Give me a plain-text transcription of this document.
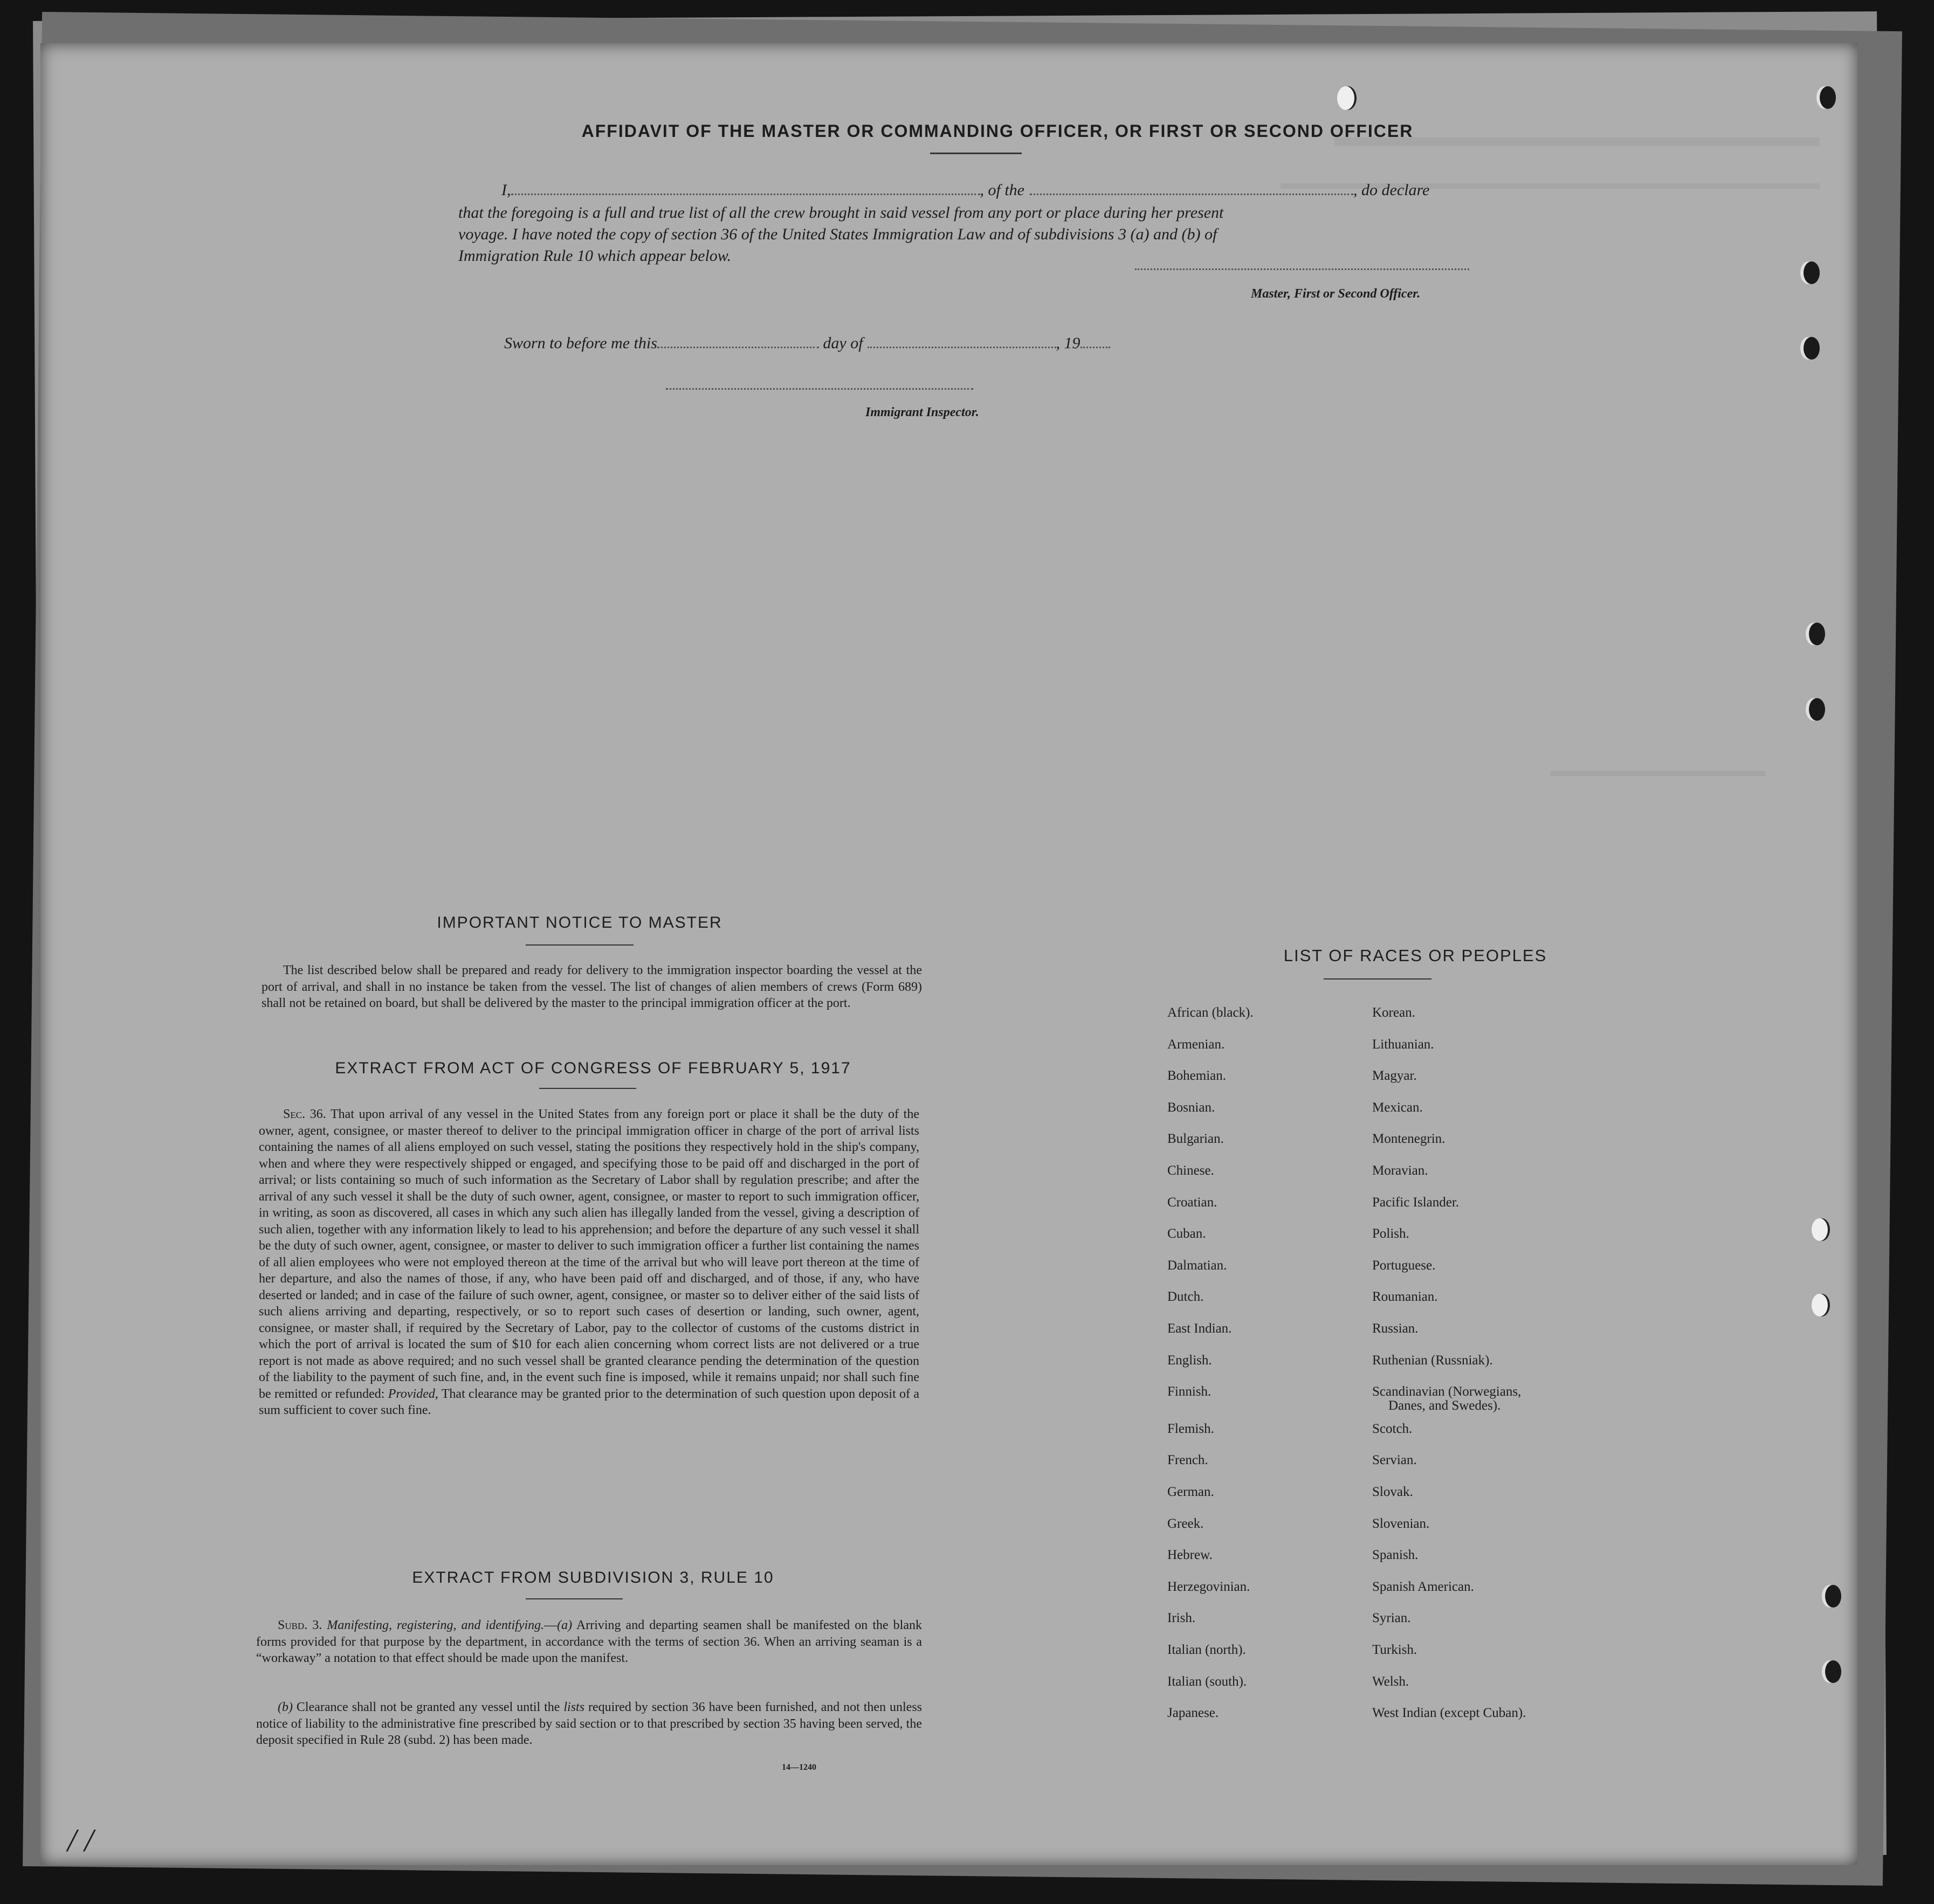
AFFIDAVIT OF THE MASTER OR COMMANDING OFFICER, OR FIRST OR SECOND OFFICER
I,	, of the	, do declare
that the foregoing is a full and true list of all the crew brought in said vessel from any port or place during her present
voyage. I have noted the copy of section 36 of the United States Immigration Law and of subdivisions 3 (a) and (b) of
Immigration Rule 10 which appear below.
Master, First or Second Officer.
Sworn to before me this	day of	, 19
Immigrant Inspector.
IMPORTANT NOTICE TO MASTER
The list described below shall be prepared and ready for delivery to the immigration inspector boarding the vessel at the port of arrival, and shall in no instance be taken from the vessel. The list of changes of alien members of crews (Form 689) shall not be retained on board, but shall be delivered by the master to the principal immigration officer at the port.
EXTRACT FROM ACT OF CONGRESS OF FEBRUARY 5, 1917
Sec. 36. That upon arrival of any vessel in the United States from any foreign port or place it shall be the duty of the owner, agent, consignee, or master thereof to deliver to the principal immigration officer in charge of the port of arrival lists containing the names of all aliens employed on such vessel, stating the positions they respectively hold in the ship's company, when and where they were respectively shipped or engaged, and specifying those to be paid off and discharged in the port of arrival; or lists containing so much of such information as the Secretary of Labor shall by regulation prescribe; and after the arrival of any such vessel it shall be the duty of such owner, agent, consignee, or master to report to such immigration officer, in writing, as soon as discovered, all cases in which any such alien has illegally landed from the vessel, giving a description of such alien, together with any information likely to lead to his apprehension; and before the departure of any such vessel it shall be the duty of such owner, agent, consignee, or master to deliver to such immigration officer a further list containing the names of all alien employees who were not employed thereon at the time of the arrival but who will leave port thereon at the time of her departure, and also the names of those, if any, who have been paid off and discharged, and of those, if any, who have deserted or landed; and in case of the failure of such owner, agent, consignee, or master so to deliver either of the said lists of such aliens arriving and departing, respectively, or so to report such cases of desertion or landing, such owner, agent, consignee, or master shall, if required by the Secretary of Labor, pay to the collector of customs of the customs district in which the port of arrival is located the sum of $10 for each alien concerning whom correct lists are not delivered or a true report is not made as above required; and no such vessel shall be granted clearance pending the determination of the question of the liability to the payment of such fine, and, in the event such fine is imposed, while it remains unpaid; nor shall such fine be remitted or refunded: Provided, That clearance may be granted prior to the determination of such question upon deposit of a sum sufficient to cover such fine.
EXTRACT FROM SUBDIVISION 3, RULE 10
Subd. 3. Manifesting, registering, and identifying.—(a) Arriving and departing seamen shall be manifested on the blank forms provided for that purpose by the department, in accordance with the terms of section 36. When an arriving seaman is a “workaway” a notation to that effect should be made upon the manifest.
(b) Clearance shall not be granted any vessel until the lists required by section 36 have been furnished, and not then unless notice of liability to the administrative fine prescribed by said section or to that prescribed by section 35 having been served, the deposit specified in Rule 28 (subd. 2) has been made.
14—1240
LIST OF RACES OR PEOPLES
African (black).
Armenian.
Bohemian.
Bosnian.
Bulgarian.
Chinese.
Croatian.
Cuban.
Dalmatian.
Dutch.
East Indian.
English.
Finnish.
Flemish.
French.
German.
Greek.
Hebrew.
Herzegovinian.
Irish.
Italian (north).
Italian (south).
Japanese.
Korean.
Lithuanian.
Magyar.
Mexican.
Montenegrin.
Moravian.
Pacific Islander.
Polish.
Portuguese.
Roumanian.
Russian.
Ruthenian (Russniak).
Scandinavian (Norwegians,
Scotch.
Servian.
Slovak.
Slovenian.
Spanish.
Spanish American.
Syrian.
Turkish.
Welsh.
West Indian (except Cuban).
Danes, and Swedes).
/ /
